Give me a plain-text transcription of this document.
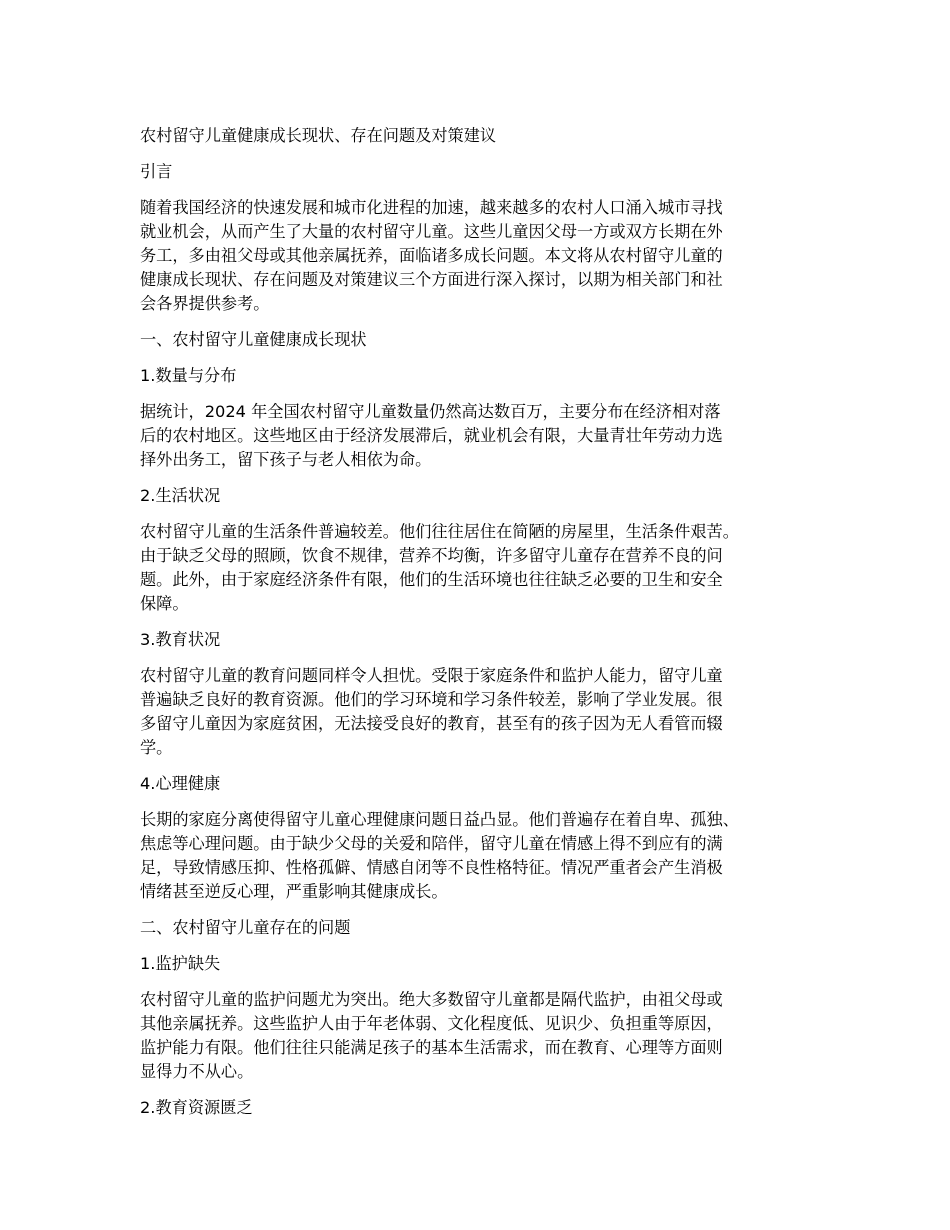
农村留守儿童健康成长现状、存在问题及对策建议
引言
随着我国经济的快速发展和城市化进程的加速，越来越多的农村人口涌入城市寻找
就业机会，从而产生了大量的农村留守儿童。这些儿童因父母一方或双方长期在外
务工，多由祖父母或其他亲属抚养，面临诸多成长问题。本文将从农村留守儿童的
健康成长现状、存在问题及对策建议三个方面进行深入探讨，以期为相关部门和社
会各界提供参考。
一、农村留守儿童健康成长现状
1.数量与分布
据统计，2024 年全国农村留守儿童数量仍然高达数百万，主要分布在经济相对落
后的农村地区。这些地区由于经济发展滞后，就业机会有限，大量青壮年劳动力选
择外出务工，留下孩子与老人相依为命。
2.生活状况
农村留守儿童的生活条件普遍较差。他们往往居住在简陋的房屋里，生活条件艰苦。
由于缺乏父母的照顾，饮食不规律，营养不均衡，许多留守儿童存在营养不良的问
题。此外，由于家庭经济条件有限，他们的生活环境也往往缺乏必要的卫生和安全
保障。
3.教育状况
农村留守儿童的教育问题同样令人担忧。受限于家庭条件和监护人能力，留守儿童
普遍缺乏良好的教育资源。他们的学习环境和学习条件较差，影响了学业发展。很
多留守儿童因为家庭贫困，无法接受良好的教育，甚至有的孩子因为无人看管而辍
学。
4.心理健康
长期的家庭分离使得留守儿童心理健康问题日益凸显。他们普遍存在着自卑、孤独、
焦虑等心理问题。由于缺少父母的关爱和陪伴，留守儿童在情感上得不到应有的满
足，导致情感压抑、性格孤僻、情感自闭等不良性格特征。情况严重者会产生消极
情绪甚至逆反心理，严重影响其健康成长。
二、农村留守儿童存在的问题
1.监护缺失
农村留守儿童的监护问题尤为突出。绝大多数留守儿童都是隔代监护，由祖父母或
其他亲属抚养。这些监护人由于年老体弱、文化程度低、见识少、负担重等原因，
监护能力有限。他们往往只能满足孩子的基本生活需求，而在教育、心理等方面则
显得力不从心。
2.教育资源匮乏
